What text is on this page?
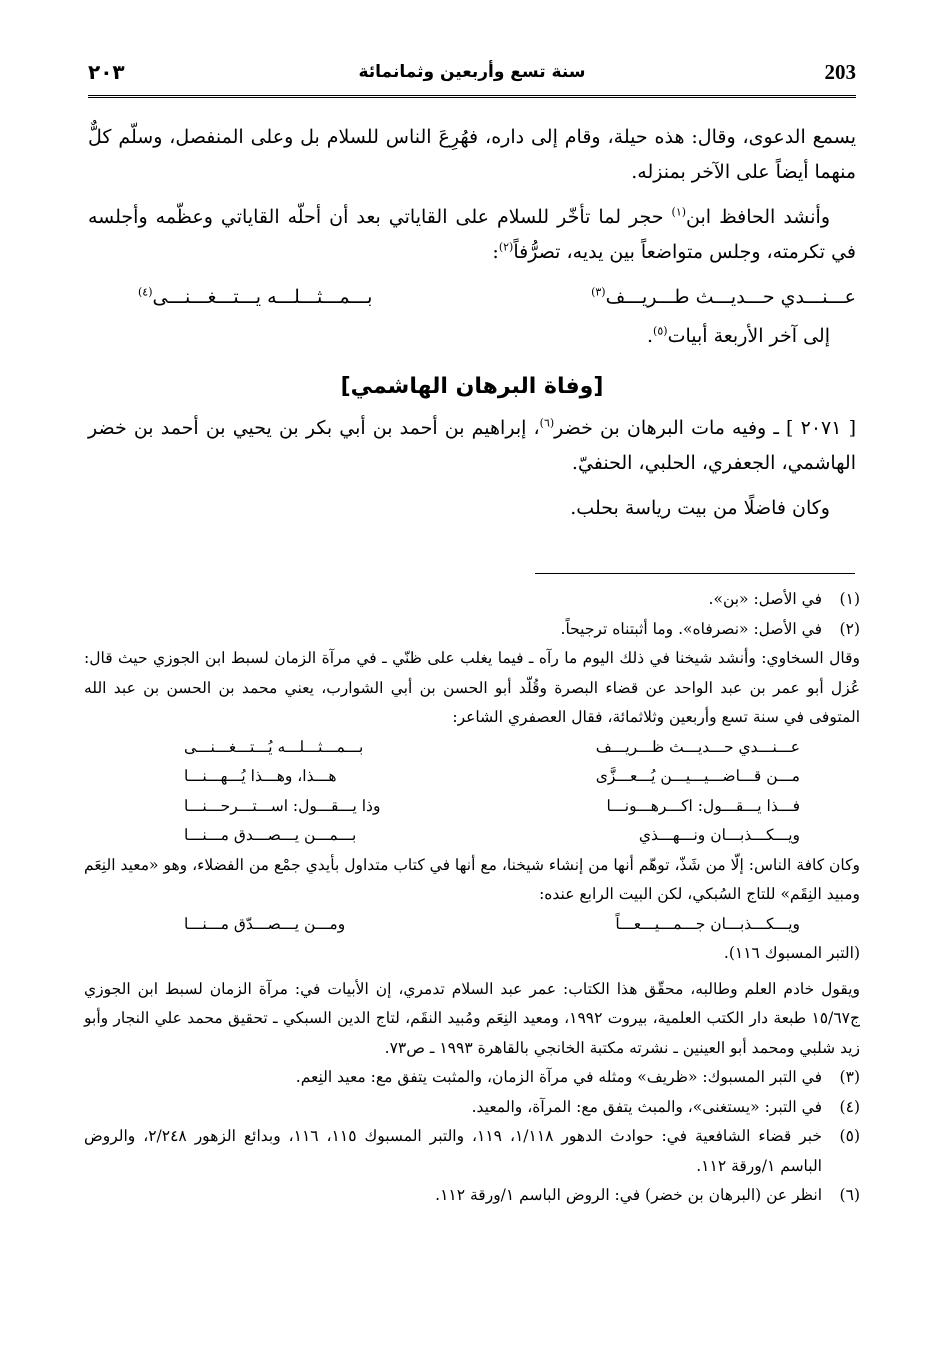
203
سنة تسع وأربعين وثمانمائة
٢٠٣

يسمع الدعوى، وقال: هذه حيلة، وقام إلى داره، فهُرِعَ الناس للسلام بل وعلى المنفصل، وسلّم كلٌّ منهما أيضاً على الآخر بمنزله.

وأنشد الحافظ ابن$^{(١)}$ حجر لما تأخّر للسلام على القاياتي بعد أن أحلّه القاياتي وعظّمه وأجلسه في تكرمته، وجلس متواضعاً بين يديه، تصرُّفاً$^{(٢)}$:

عـــنـــدي حـــديـــث طـــريـــف$^{(٣)}$
بـــمـــثـــلـــه يـــتـــغـــنـــى$^{(٤)}$

إلى آخر الأربعة أبيات$^{(٥)}$.

[وفاة البرهان الهاشمي]

[ ٢٠٧١ ] ـ وفيه مات البرهان بن خضر$^{(٦)}$، إبراهيم بن أحمد بن أبي بكر بن يحيي بن أحمد بن خضر الهاشمي، الجعفري، الحلبي، الحنفيّ.

وكان فاضلًا من بيت رياسة بحلب.

(١)
في الأصل: «بن».
(٢)
في الأصل: «نصرفاه». وما أثبتناه ترجيحاً.
وقال السخاوي: وأنشد شيخنا في ذلك اليوم ما رآه ـ فيما يغلب على ظنّي ـ في مرآة الزمان لسبط ابن الجوزي حيث قال: عُزل أبو عمر بن عبد الواحد عن قضاء البصرة وقُلّد أبو الحسن بن أبي الشوارب، يعني محمد بن الحسن بن عبد الله المتوفى في سنة تسع وأربعين وثلاثمائة، فقال العصفري الشاعر:
عـــنـــدي حـــديـــث ظـــريـــف
بـــمـــثـــلـــه يُـــتـــغـــنـــى
مـــن قـــاضـــيـــيـــن يُـــعـــزَّى
هـــذا، وهـــذا يُـــهـــنـــا
فـــذا يـــقـــول: اكـــرهـــونـــا
وذا يـــقـــول: اســـتـــرحـــنـــا
ويـــكـــذبـــان ونـــهـــذي
بـــمـــن يـــصـــدق مـــنـــا
وكان كافة الناس: إلّا من شَذّ، توهّم أنها من إنشاء شيخنا، مع أنها في كتاب متداول بأيدي جمْع من الفضلاء، وهو «معيد النِعَم ومبيد النِقَم» للتاج السُبكي، لكن البيت الرابع عنده:
ويـــكـــذبـــان جـــمـــيـــعـــاً
ومـــن يـــصـــدّق مـــنـــا
(التبر المسبوك ١١٦).
ويقول خادم العلم وطالبه، محقّق هذا الكتاب: عمر عبد السلام تدمري، إن الأبيات في: مرآة الزمان لسبط ابن الجوزي ج١٥/٦٧ طبعة دار الكتب العلمية، بيروت ١٩٩٢، ومعيد النِعَم ومُبيد النقَم، لتاج الدين السبكي ـ تحقيق محمد علي النجار وأبو زيد شلبي ومحمد أبو العينين ـ نشرته مكتبة الخانجي بالقاهرة ١٩٩٣ ـ ص٧٣.
(٣)
في التبر المسبوك: «ظريف» ومثله في مرآة الزمان، والمثبت يتفق مع: معيد النِعم.
(٤)
في التبر: «يستغنى»، والمبث يتفق مع: المرآة، والمعيد.
(٥)
خبر قضاء الشافعية في: حوادث الدهور ١/١١٨، ١١٩، والتبر المسبوك ١١٥، ١١٦، وبدائع الزهور ٢/٢٤٨، والروض الباسم ١/ورقة ١١٢.
(٦)
انظر عن (البرهان بن خضر) في: الروض الباسم ١/ورقة ١١٢.
